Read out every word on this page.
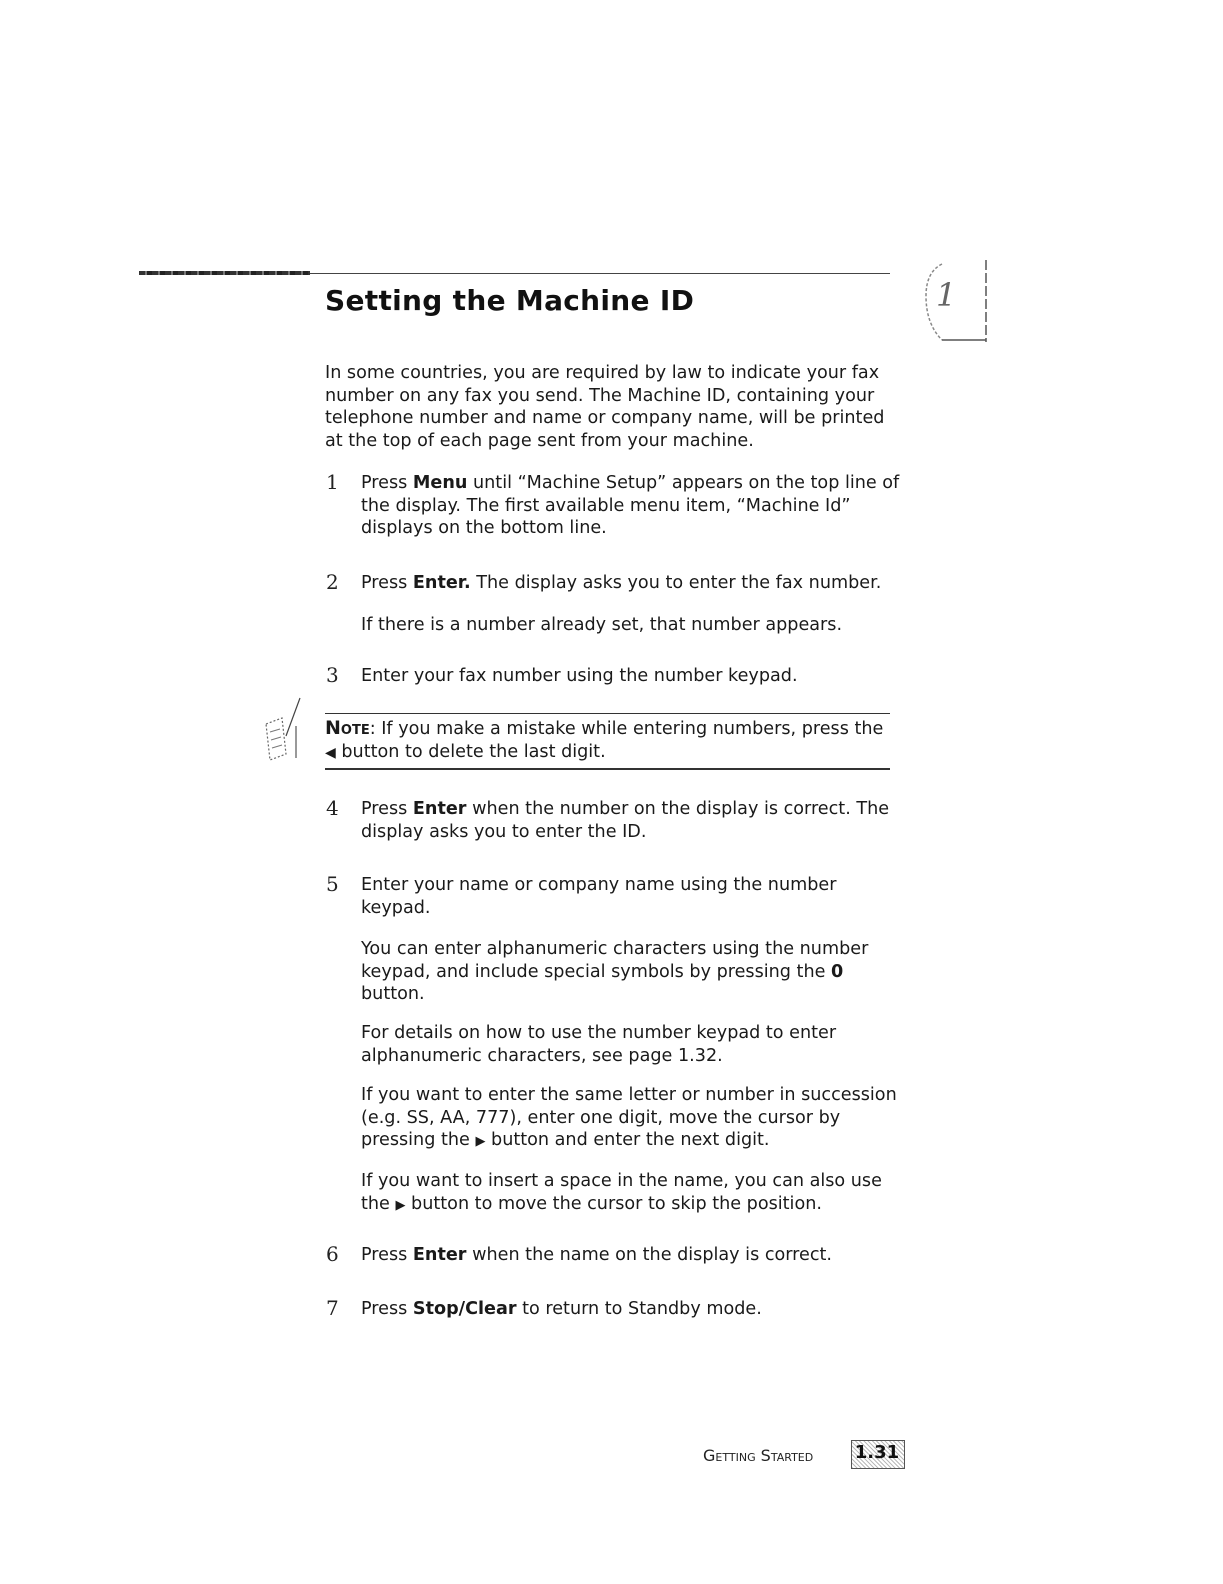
Setting the Machine ID	1

In some countries, you are required by law to indicate your fax number on any fax you send. The Machine ID, containing your telephone number and name or company name, will be printed at the top of each page sent from your machine.

1 Press Menu until “Machine Setup” appears on the top line of the display. The first available menu item, “Machine Id” displays on the bottom line.

2 Press Enter. The display asks you to enter the fax number.

If there is a number already set, that number appears.

3 Enter your fax number using the number keypad.

Note: If you make a mistake while entering numbers, press the ◀ button to delete the last digit.

4 Press Enter when the number on the display is correct. The display asks you to enter the ID.

5 Enter your name or company name using the number keypad.

You can enter alphanumeric characters using the number keypad, and include special symbols by pressing the 0 button.

For details on how to use the number keypad to enter alphanumeric characters, see page 1.32.

If you want to enter the same letter or number in succession (e.g. SS, AA, 777), enter one digit, move the cursor by pressing the ▶ button and enter the next digit.

If you want to insert a space in the name, you can also use the ▶ button to move the cursor to skip the position.

6 Press Enter when the name on the display is correct.

7 Press Stop/Clear to return to Standby mode.

Getting Started 1.31
